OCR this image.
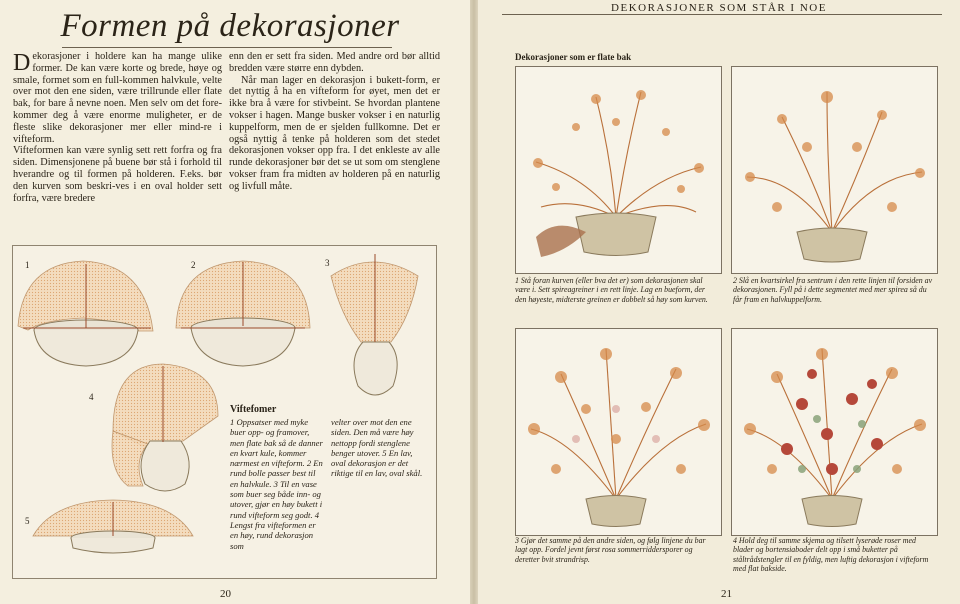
Formen på dekorasjoner

Dekorasjoner i holdere kan ha mange ulike former. De kan være korte og brede, høye og smale, formet som en full-kommen halvkule, velte over mot den ene siden, være trillrunde eller flate bak, for bare å nevne noen. Men selv om det fore-kommer deg å være enorme muligheter, er de fleste slike dekorasjoner mer eller mind-re i vifteform.

Vifteformen kan være synlig sett rett forfra og fra siden. Dimensjonene på buene bør stå i forhold til hverandre og til formen på holderen. F.eks. bør den kurven som beskri-ves i en oval holder sett forfra, være bredere

enn den er sett fra siden. Med andre ord bør alltid bredden være større enn dybden.

Når man lager en dekorasjon i bukett-form, er det nyttig å ha en vifteform for øyet, men det er ikke bra å være for stivbeint. Se hvordan plantene vokser i hagen. Mange busker vokser i en naturlig kuppelform, men de er sjelden fullkomne. Det er også nyttig å tenke på holderen som det stedet dekorasjonen vokser opp fra. I det enkleste av alle runde dekorasjoner bør det se ut som om stenglene vokser fram fra midten av holderen på en naturlig og livfull måte.

1	2	3
4
5
Viftefomer

1 Oppsatser med myke buer opp- og framover, men flate bak så de danner en kvart kule, kommer nærmest en vifteform. 2 En rund bolle passer best til en halvkule. 3 Til en vase som buer seg både inn- og utover, gjør en høy bukett i rund vifteform seg godt. 4 Lengst fra vifteformen er en høy, rund dekorasjon som

velter over mot den ene siden. Den må være høy nettopp fordi stenglene benger utover. 5 En lav, oval dekorasjon er det riktige til en lav, oval skål.

20
DEKORASJONER SOM STÅR I NOE
Dekorasjoner som er flate bak

1 Stå foran kurven (eller bva det er) som dekorasjonen skal være i. Sett spireagreiner i en rett linje. Lag en bueform, der den høyeste, midterste greinen er dobbelt så høy som kurven.

2 Slå en kvartsirkel fra sentrum i den rette linjen til forsiden av dekorasjonen. Fyll på i dette segmentet med mer spirea så du får fram en halvkuppelform.

3 Gjør det samme på den andre siden, og følg linjene du bar lagt opp. Fordel jevnt først rosa sommerriddersporer og deretter bvit strandrisp.

4 Hold deg til samme skjema og tilsett lyserøde roser med blader og bortensiaboder delt opp i små buketter på ståltrådstengler til en fyldig, men luftig dekorasjon i vifteform med flat bakside.

21
